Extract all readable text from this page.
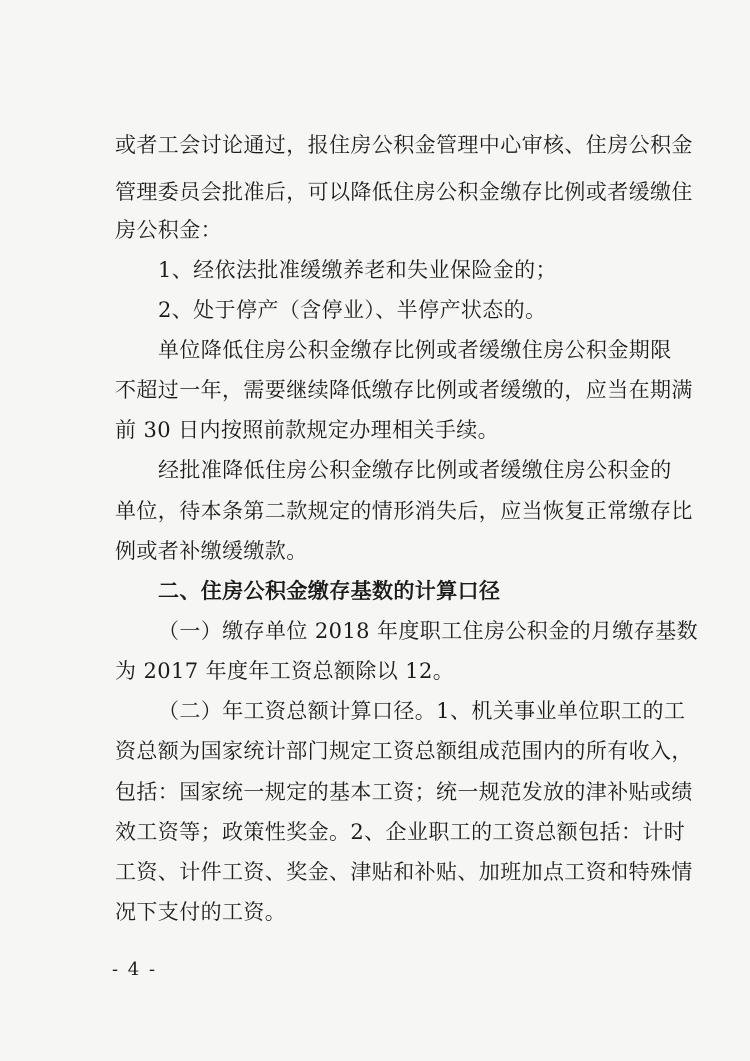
或者工会讨论通过，报住房公积金管理中心审核、住房公积金
管理委员会批准后，可以降低住房公积金缴存比例或者缓缴住
房公积金：
1、经依法批准缓缴养老和失业保险金的；
2、处于停产（含停业）、半停产状态的。
单位降低住房公积金缴存比例或者缓缴住房公积金期限
不超过一年，需要继续降低缴存比例或者缓缴的，应当在期满
前 30 日内按照前款规定办理相关手续。
经批准降低住房公积金缴存比例或者缓缴住房公积金的
单位，待本条第二款规定的情形消失后，应当恢复正常缴存比
例或者补缴缓缴款。
二、住房公积金缴存基数的计算口径
（一）缴存单位 2018 年度职工住房公积金的月缴存基数
为 2017 年度年工资总额除以 12。
（二）年工资总额计算口径。1、机关事业单位职工的工
资总额为国家统计部门规定工资总额组成范围内的所有收入，
包括：国家统一规定的基本工资；统一规范发放的津补贴或绩
效工资等；政策性奖金。2、企业职工的工资总额包括：计时
工资、计件工资、奖金、津贴和补贴、加班加点工资和特殊情
况下支付的工资。
- 4 -
